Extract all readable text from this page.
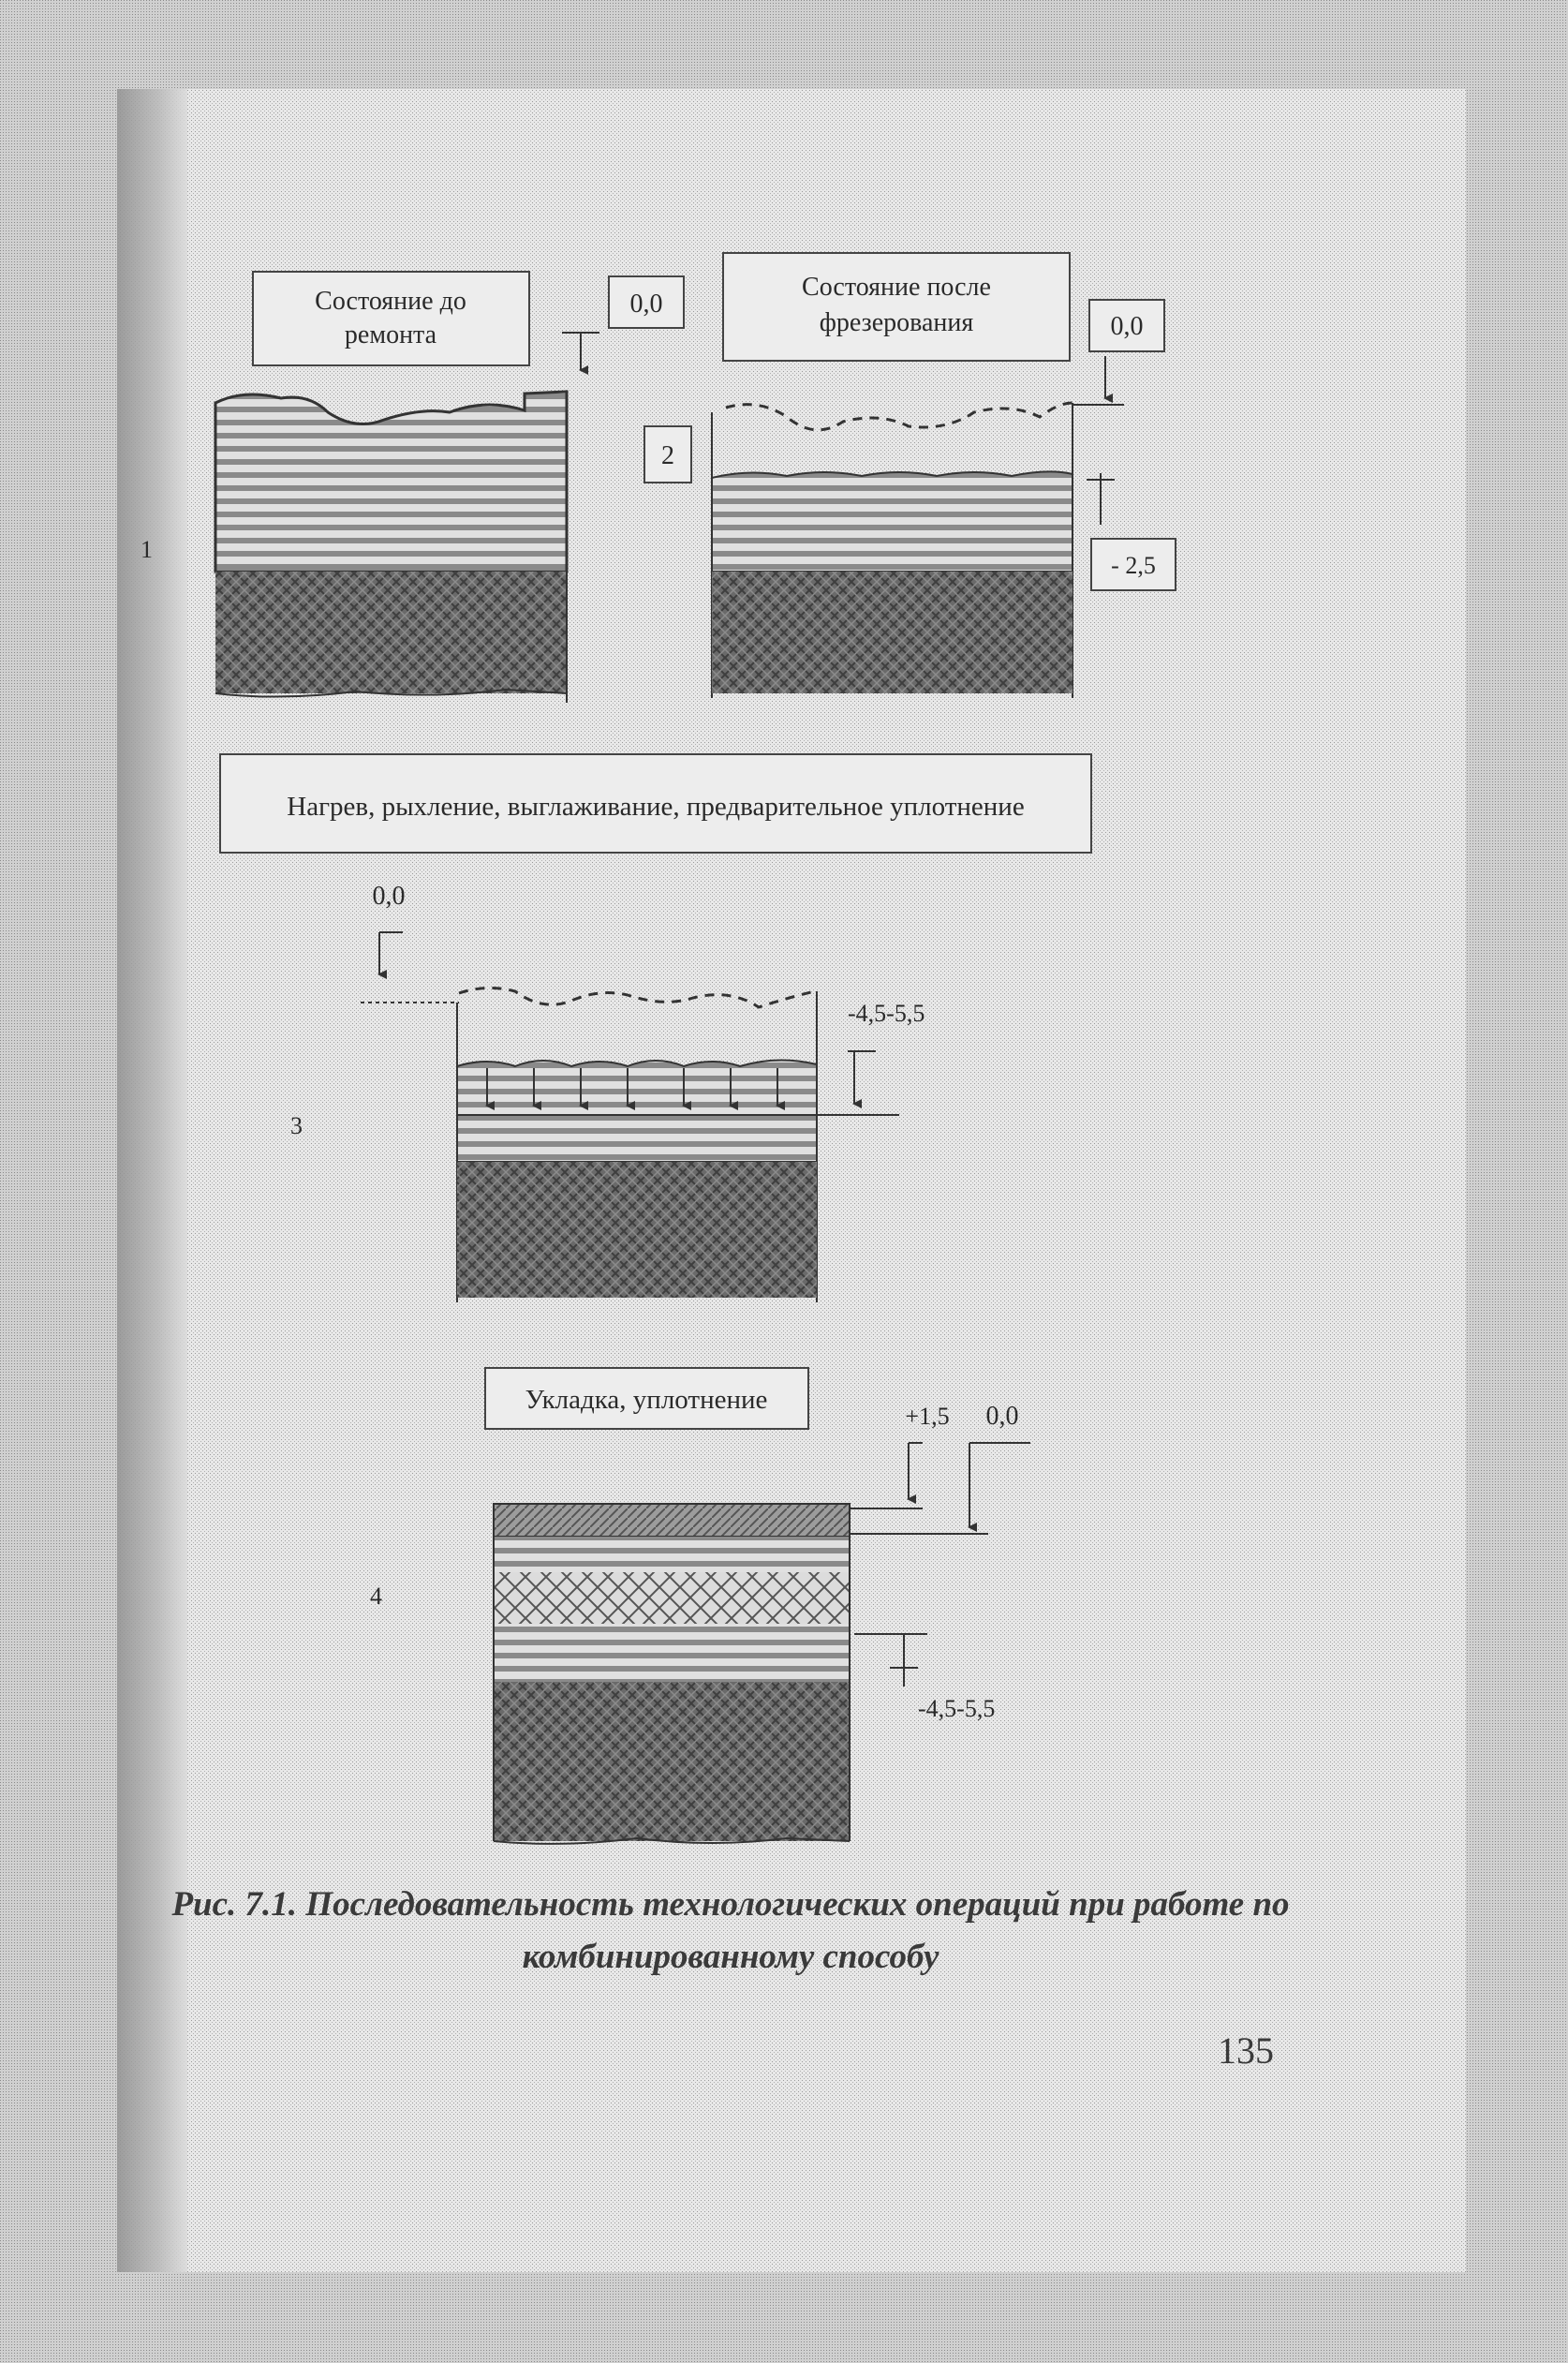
Состояние до
ремонта
0,0
1
Состояние после
фрезерования	0,0
2
- 2,5
Нагрев, рыхление, выглаживание, предварительное уплотнение
0,0
-4,5-5,5
3
Укладка, уплотнение
+1,5 0,0
-4,5-5,5
4
Рис. 7.1. Последовательность технологических операций при работе по
комбинированному способу
135
